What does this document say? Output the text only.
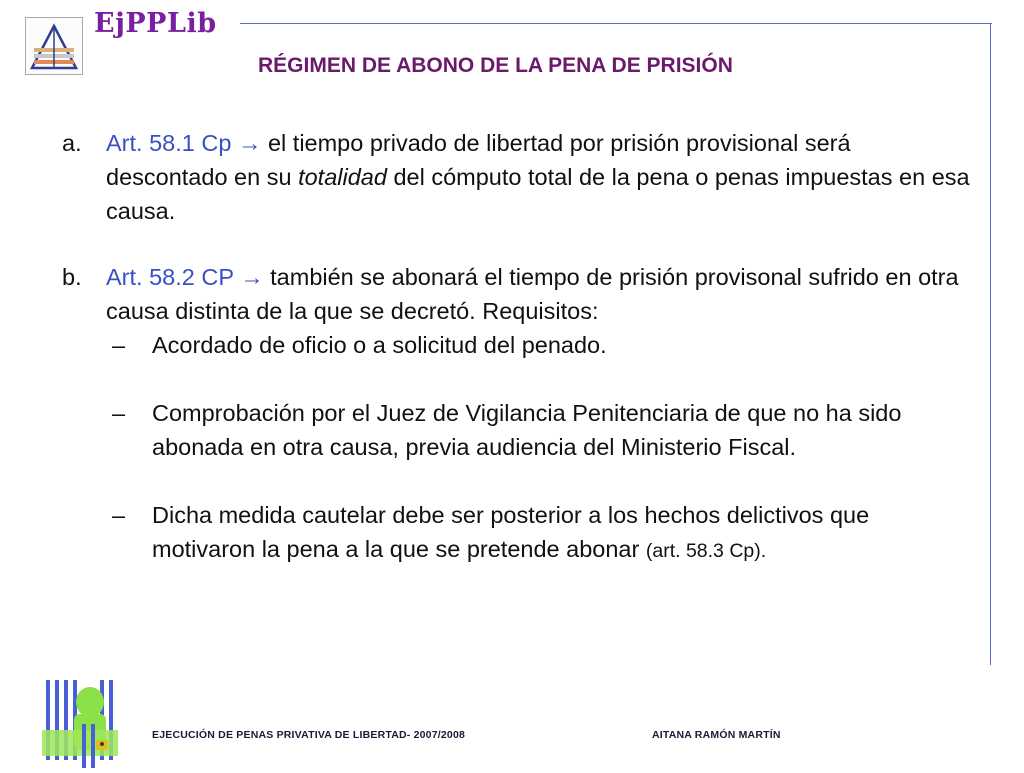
EjPPLib
RÉGIMEN DE ABONO DE LA PENA DE PRISIÓN
a.	Art. 58.1 Cp → el tiempo privado de libertad por prisión provisional será descontado en su totalidad del cómputo total de la pena o penas impuestas en esa causa.
b.	Art. 58.2 CP → también se abonará el tiempo de prisión provisonal sufrido en otra causa distinta de la que se decretó. Requisitos:
–	Acordado de oficio o a solicitud del penado.
–	Comprobación por el Juez de Vigilancia Penitenciaria de que no ha sido abonada en otra causa, previa audiencia del Ministerio Fiscal.
–	Dicha medida cautelar debe ser posterior a los hechos delictivos que motivaron la pena a la que se pretende abonar (art. 58.3 Cp).
EJECUCIÓN DE PENAS PRIVATIVA DE LIBERTAD- 2007/2008	AITANA RAMÓN MARTÍN
